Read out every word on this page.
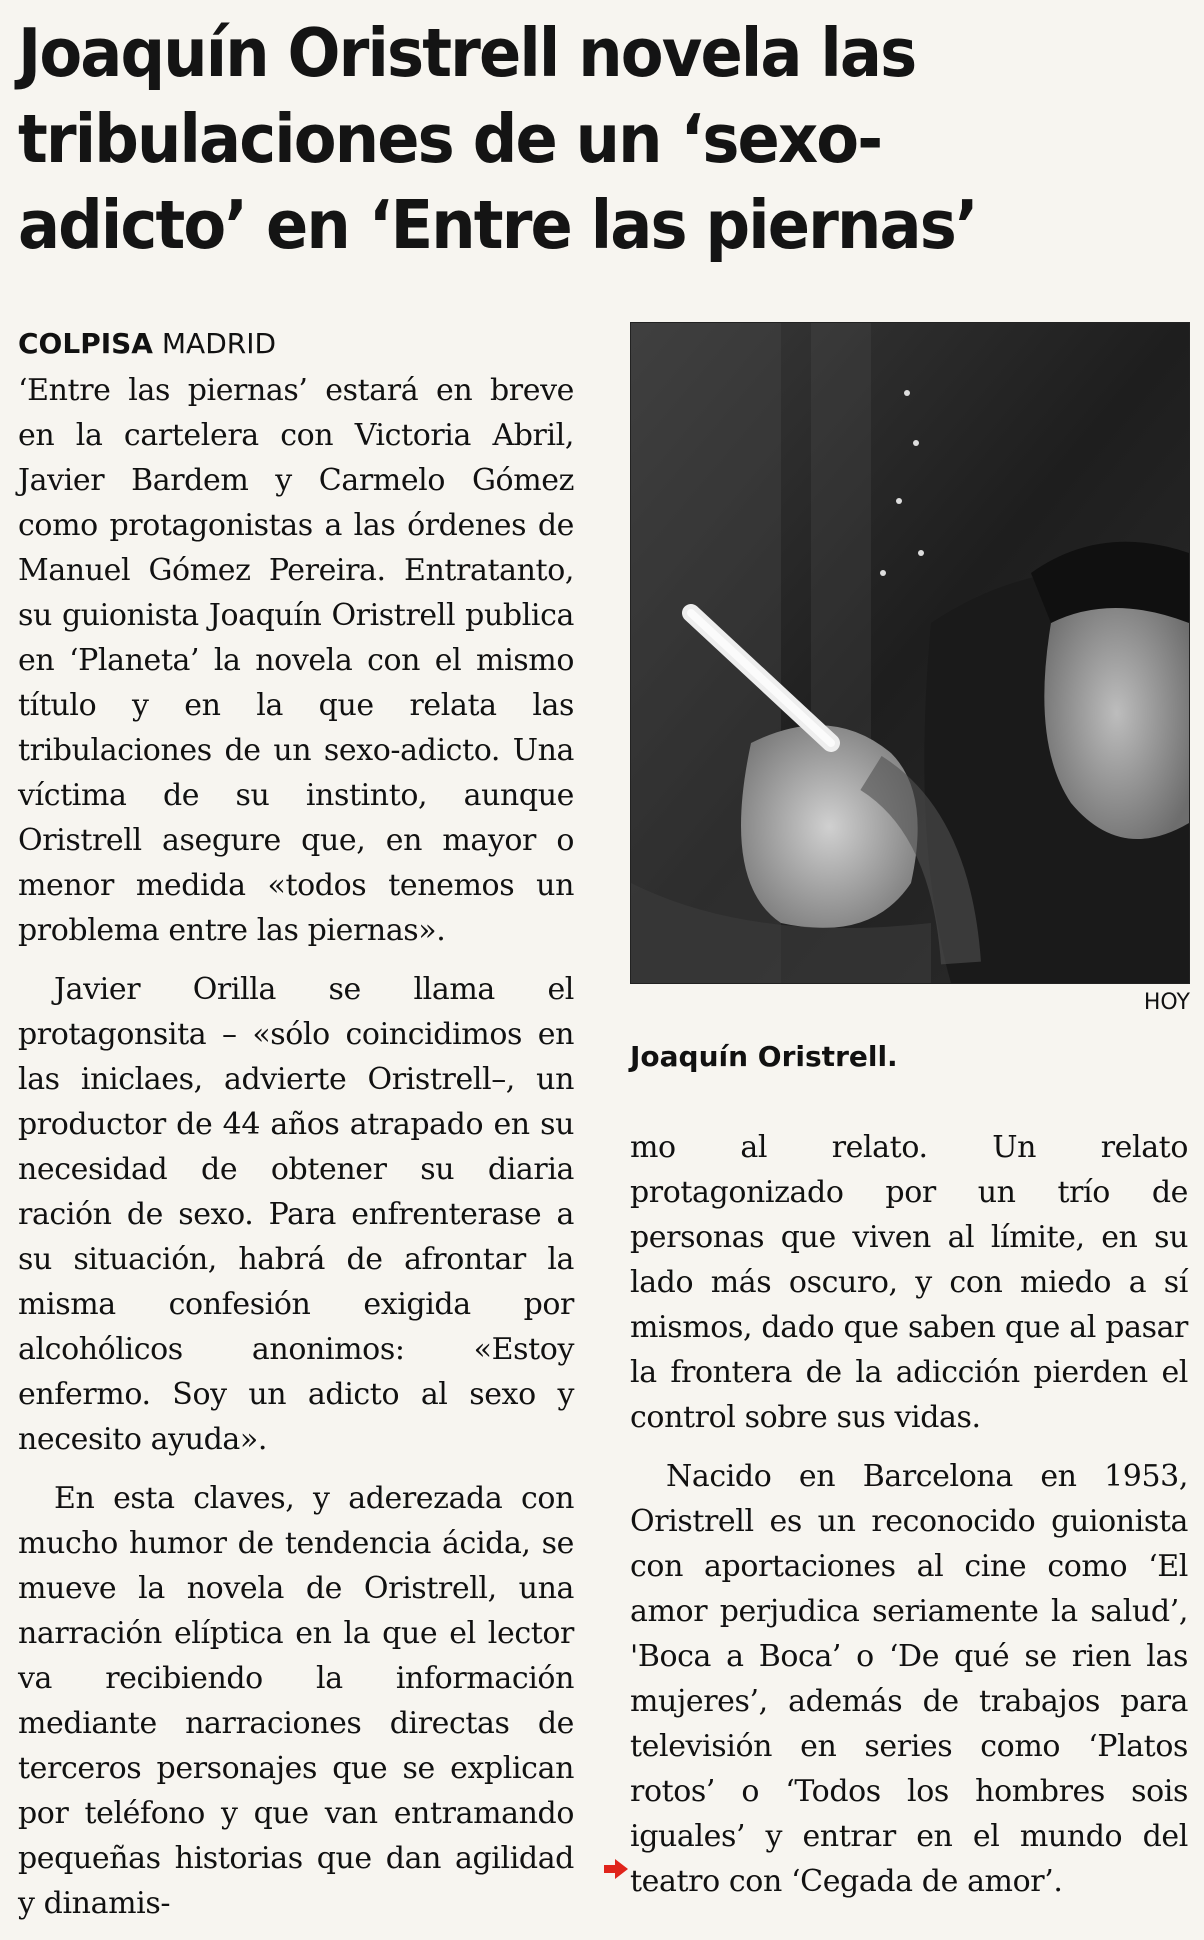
Joaquín Oristrell novela las
tribulaciones de un ‘sexo-
adicto’ en ‘Entre las piernas’
COLPISA MADRID

‘Entre las piernas’ estará en breve en la cartelera con Victoria Abril, Javier Bardem y Carmelo Gómez como protagonistas a las órdenes de Manuel Gómez Pereira. Entratanto, su guionista Joaquín Oristrell publica en ‘Planeta’ la novela con el mismo título y en la que relata las tribulaciones de un sexo-adicto. Una víctima de su instinto, aunque Oristrell asegure que, en mayor o menor medida «todos tenemos un problema entre las piernas».

Javier Orilla se llama el protagonsita – «sólo coincidimos en las iniclaes, advierte Oristrell–, un productor de 44 años atrapado en su necesidad de obtener su diaria ración de sexo. Para enfrenterase a su situación, habrá de afrontar la misma confesión exigida por alcohólicos anonimos: «Estoy enfermo. Soy un adicto al sexo y necesito ayuda».

En esta claves, y aderezada con mucho humor de tendencia ácida, se mueve la novela de Oristrell, una narración elíptica en la que el lector va recibiendo la información mediante narraciones directas de terceros personajes que se explican por teléfono y que van entramando pequeñas historias que dan agilidad y dinamis-

HOY
Joaquín Oristrell.

mo al relato. Un relato protagonizado por un trío de personas que viven al límite, en su lado más oscuro, y con miedo a sí mismos, dado que saben que al pasar la frontera de la adicción pierden el control sobre sus vidas.

Nacido en Barcelona en 1953, Oristrell es un reconocido guionista con aportaciones al cine como ‘El amor perjudica seriamente la salud’, 'Boca a Boca’ o ‘De qué se rien las mujeres’, además de trabajos para televisión en series como ‘Platos rotos’ o ‘Todos los hombres sois iguales’ y entrar en el mundo del teatro con ‘Cegada de amor’.
